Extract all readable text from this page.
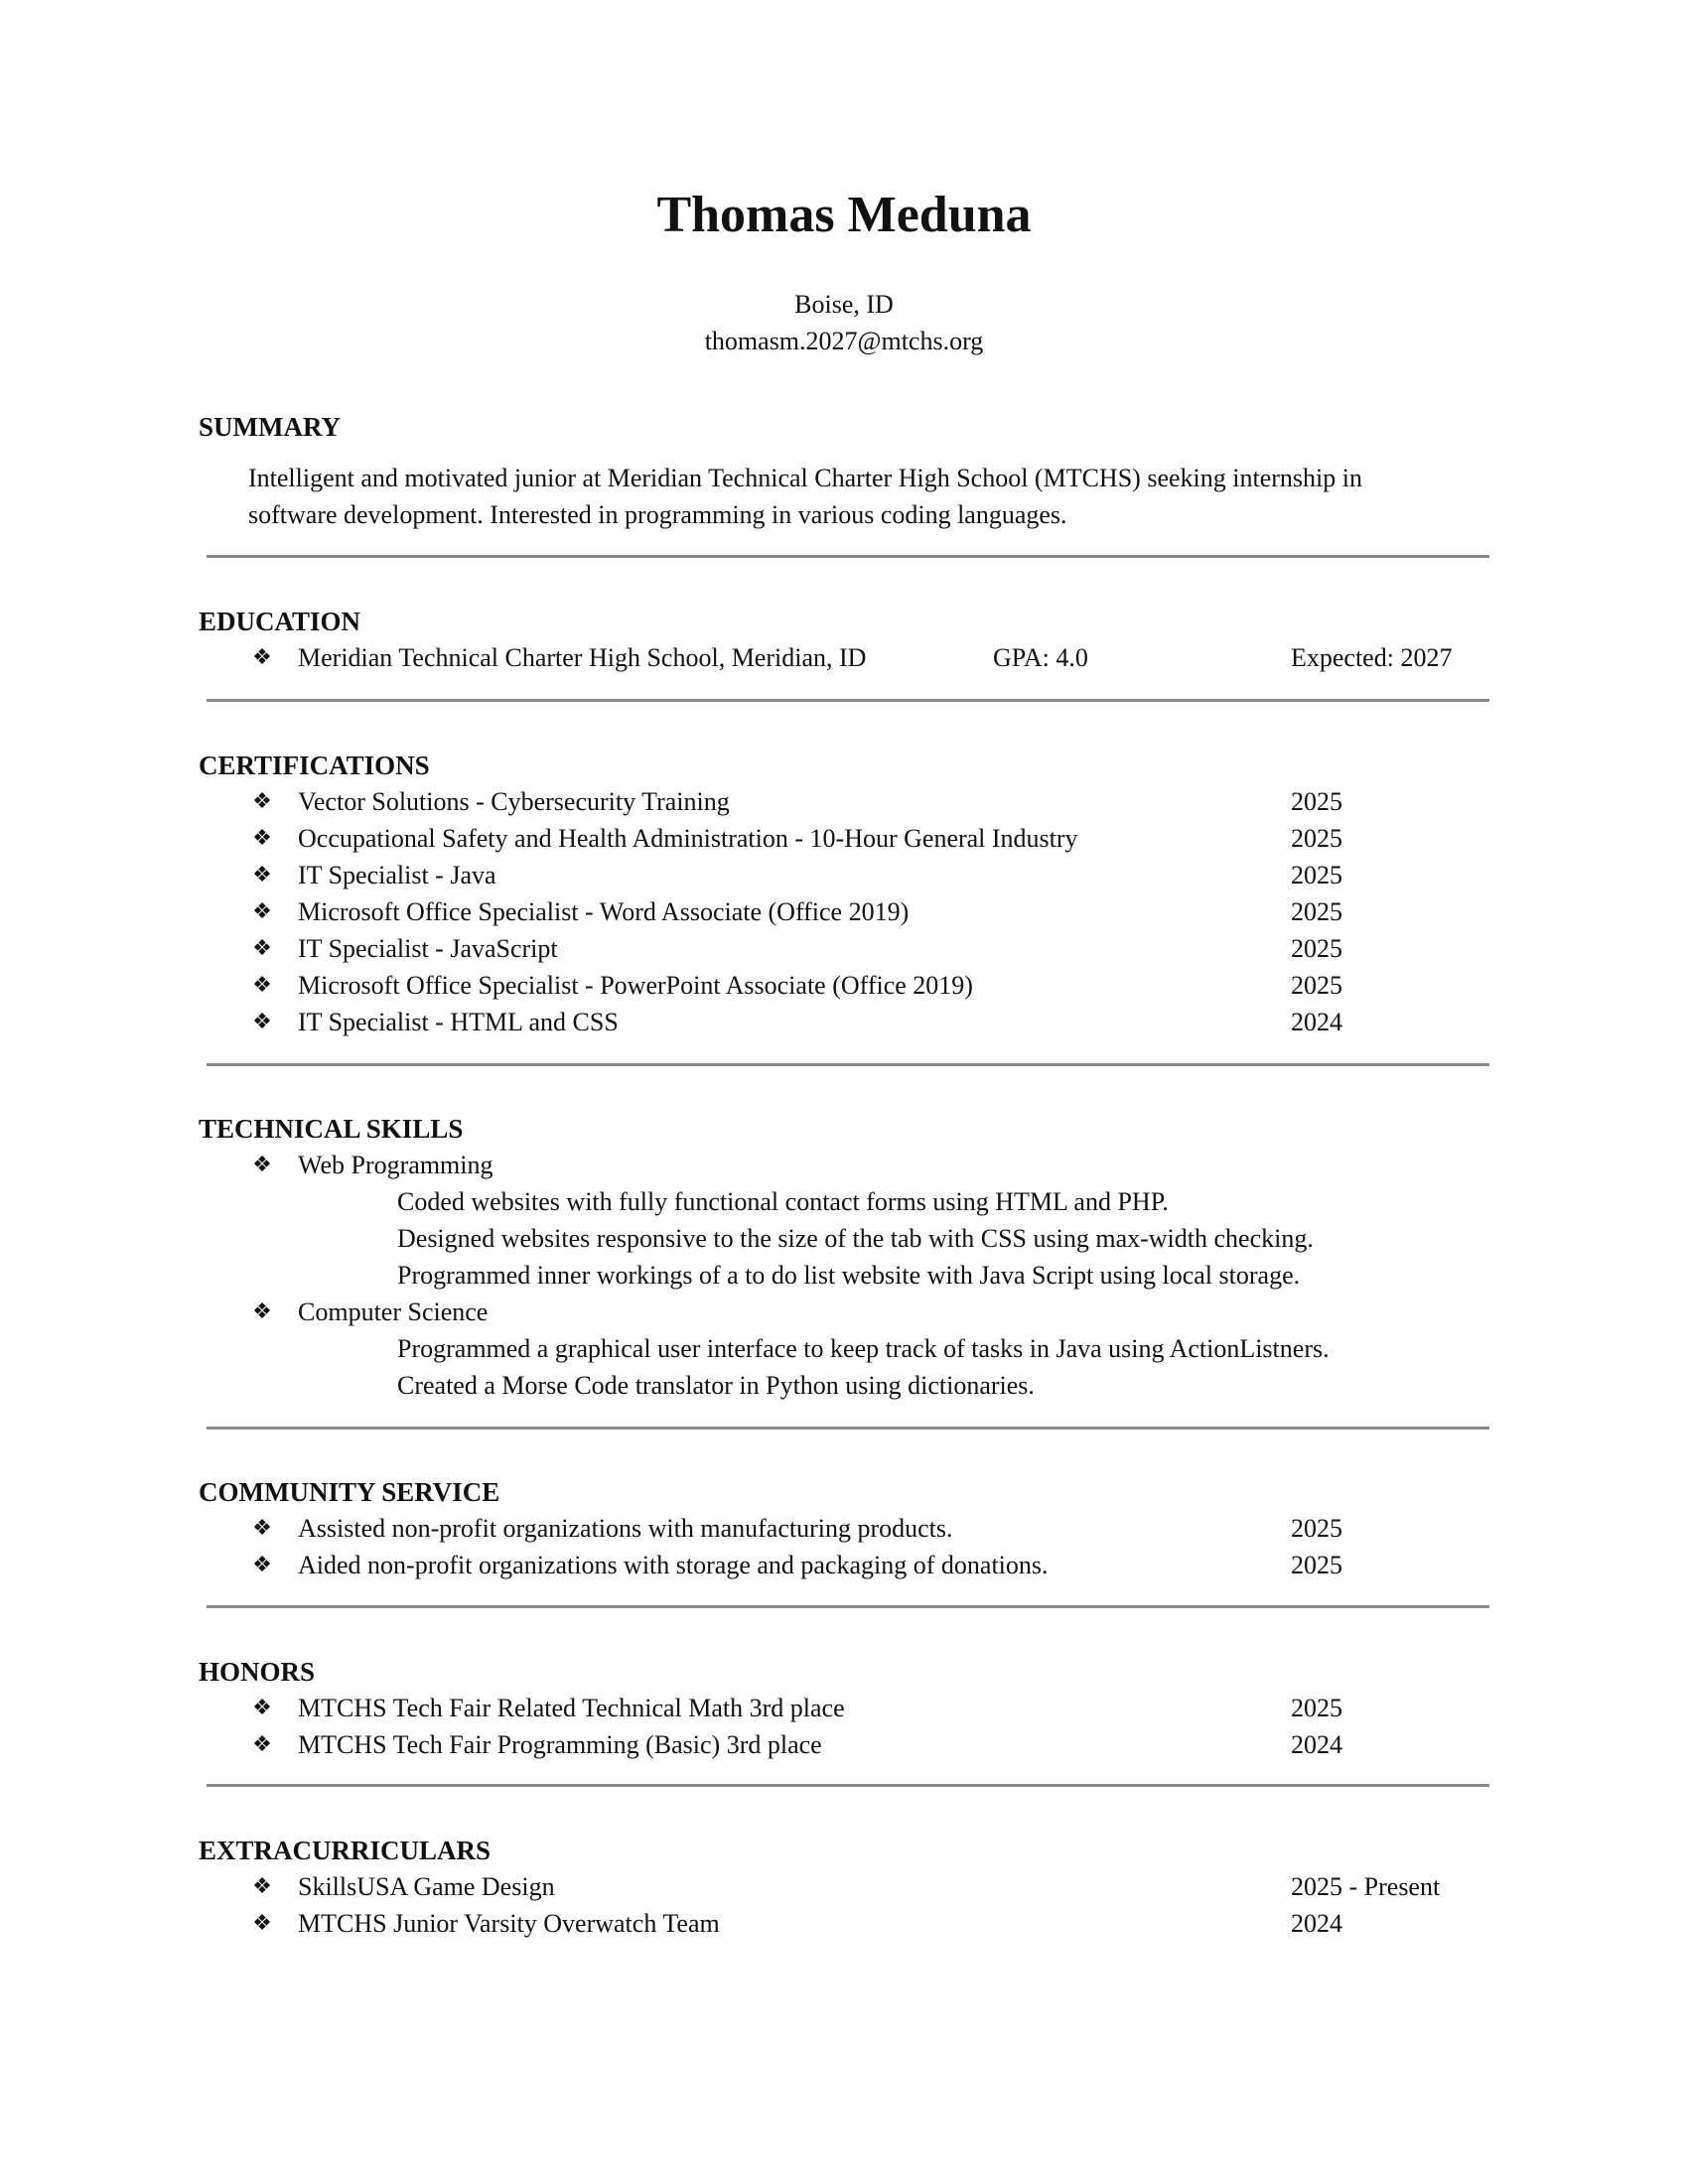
Thomas Meduna
Boise, ID
thomasm.2027@mtchs.org
SUMMARY
Intelligent and motivated junior at Meridian Technical Charter High School (MTCHS) seeking internship in
software development. Interested in programming in various coding languages.
EDUCATION
❖ Meridian Technical Charter High School, Meridian, ID	GPA: 4.0	Expected: 2027
CERTIFICATIONS
❖ Vector Solutions - Cybersecurity Training	2025
❖ Occupational Safety and Health Administration - 10-Hour General Industry	2025
❖ IT Specialist - Java	2025
❖ Microsoft Office Specialist - Word Associate (Office 2019)	2025
❖ IT Specialist - JavaScript	2025
❖ Microsoft Office Specialist - PowerPoint Associate (Office 2019)	2025
❖ IT Specialist - HTML and CSS	2024
TECHNICAL SKILLS
❖ Web Programming
Coded websites with fully functional contact forms using HTML and PHP.
Designed websites responsive to the size of the tab with CSS using max-width checking.
Programmed inner workings of a to do list website with Java Script using local storage.
❖ Computer Science
Programmed a graphical user interface to keep track of tasks in Java using ActionListners.
Created a Morse Code translator in Python using dictionaries.
COMMUNITY SERVICE
❖ Assisted non-profit organizations with manufacturing products.	2025
❖ Aided non-profit organizations with storage and packaging of donations.	2025
HONORS
❖ MTCHS Tech Fair Related Technical Math 3rd place	2025
❖ MTCHS Tech Fair Programming (Basic) 3rd place	2024
EXTRACURRICULARS
❖ SkillsUSA Game Design	2025 - Present
❖ MTCHS Junior Varsity Overwatch Team	2024
